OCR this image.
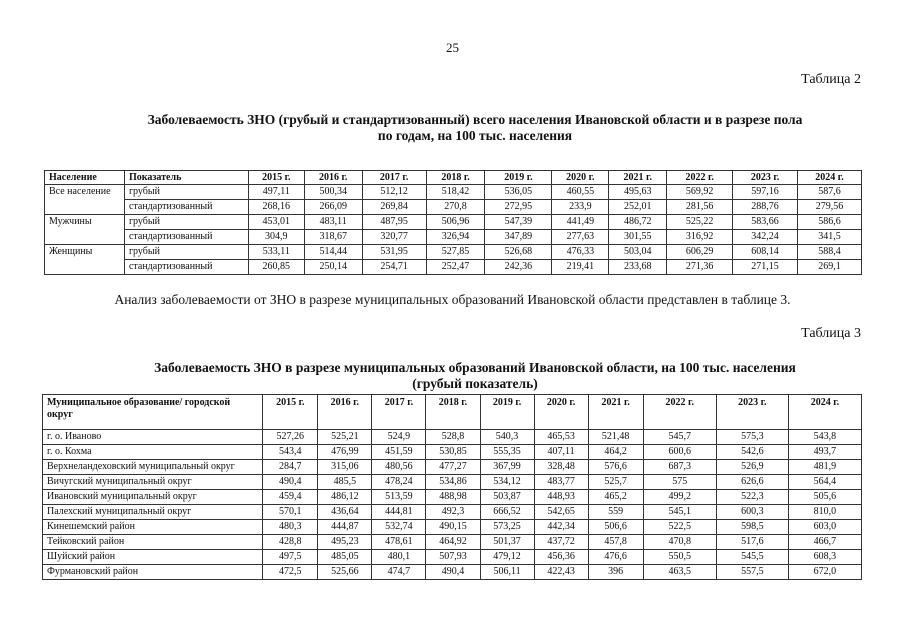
25
Таблица 2
Заболеваемость ЗНО (грубый и стандартизованный) всего населения Ивановской области и в разрезе пола
по годам, на 100 тыс. населения
Население	Показатель	2015 г.	2016 г.	2017 г.	2018 г.	2019 г.	2020 г.	2021 г.	2022 г.	2023 г.	2024 г.
Все население	грубый	497,11	500,34	512,12	518,42	536,05	460,55	495,63	569,92	597,16	587,6
	стандартизованный	268,16	266,09	269,84	270,8	272,95	233,9	252,01	281,56	288,76	279,56
Мужчины	грубый	453,01	483,11	487,95	506,96	547,39	441,49	486,72	525,22	583,66	586,6
	стандартизованный	304,9	318,67	320,77	326,94	347,89	277,63	301,55	316,92	342,24	341,5
Женщины	грубый	533,11	514,44	531,95	527,85	526,68	476,33	503,04	606,29	608,14	588,4
	стандартизованный	260,85	250,14	254,71	252,47	242,36	219,41	233,68	271,36	271,15	269,1
Анализ заболеваемости от ЗНО в разрезе муниципальных образований Ивановской области представлен в таблице 3.
Таблица 3
Заболеваемость ЗНО в разрезе муниципальных образований Ивановской области, на 100 тыс. населения
(грубый показатель)
Муниципальное образование/ городской округ	2015 г.	2016 г.	2017 г.	2018 г.	2019 г.	2020 г.	2021 г.	2022 г.	2023 г.	2024 г.
г. о. Иваново	527,26	525,21	524,9	528,8	540,3	465,53	521,48	545,7	575,3	543,8
г. о. Кохма	543,4	476,99	451,59	530,85	555,35	407,11	464,2	600,6	542,6	493,7
Верхнеландеховский муниципальный округ	284,7	315,06	480,56	477,27	367,99	328,48	576,6	687,3	526,9	481,9
Вичугский муниципальный округ	490,4	485,5	478,24	534,86	534,12	483,77	525,7	575	626,6	564,4
Ивановский муниципальный округ	459,4	486,12	513,59	488,98	503,87	448,93	465,2	499,2	522,3	505,6
Палехский муниципальный округ	570,1	436,64	444,81	492,3	666,52	542,65	559	545,1	600,3	810,0
Кинешемский район	480,3	444,87	532,74	490,15	573,25	442,34	506,6	522,5	598,5	603,0
Тейковский район	428,8	495,23	478,61	464,92	501,37	437,72	457,8	470,8	517,6	466,7
Шуйский район	497,5	485,05	480,1	507,93	479,12	456,36	476,6	550,5	545,5	608,3
Фурмановский район	472,5	525,66	474,7	490,4	506,11	422,43	396	463,5	557,5	672,0
